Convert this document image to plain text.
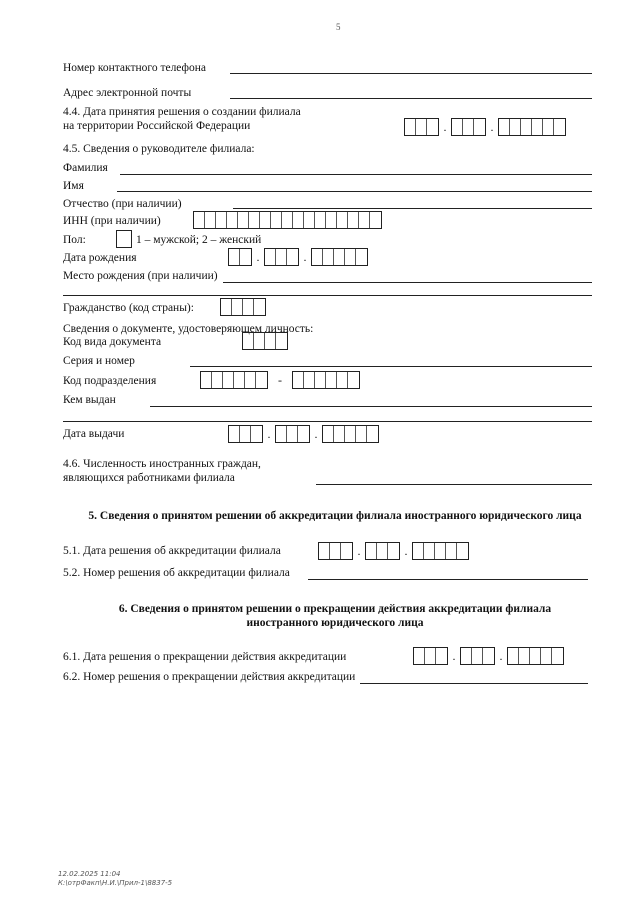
5
Номер контактного телефона
Адрес электронной почты
4.4. Дата принятия решения о создании филиала
на территории Российской Федерации	.	.
4.5. Сведения о руководителе филиала:
Фамилия
Имя
Отчество (при наличии)
ИНН (при наличии)
Пол:	1 – мужской; 2 – женский
Дата рождения	.	.
Место рождения (при наличии)
Гражданство (код страны):
Сведения о документе, удостоверяющем личность:
Код вида документа
Серия и номер
Код подразделения	-
Кем выдан
Дата выдачи	.	.
4.6. Численность иностранных граждан,
являющихся работниками филиала
5. Сведения о принятом решении об аккредитации филиала иностранного юридического лица
5.1. Дата решения об аккредитации филиала	.	.
5.2. Номер решения об аккредитации филиала
6. Сведения о принятом решении о прекращении действия аккредитации филиала
иностранного юридического лица
6.1. Дата решения о прекращении действия аккредитации	.	.
6.2. Номер решения о прекращении действия аккредитации
12.02.2025 11:04
К:\отрФакп\Н.И.\Прил-1\8837-5
